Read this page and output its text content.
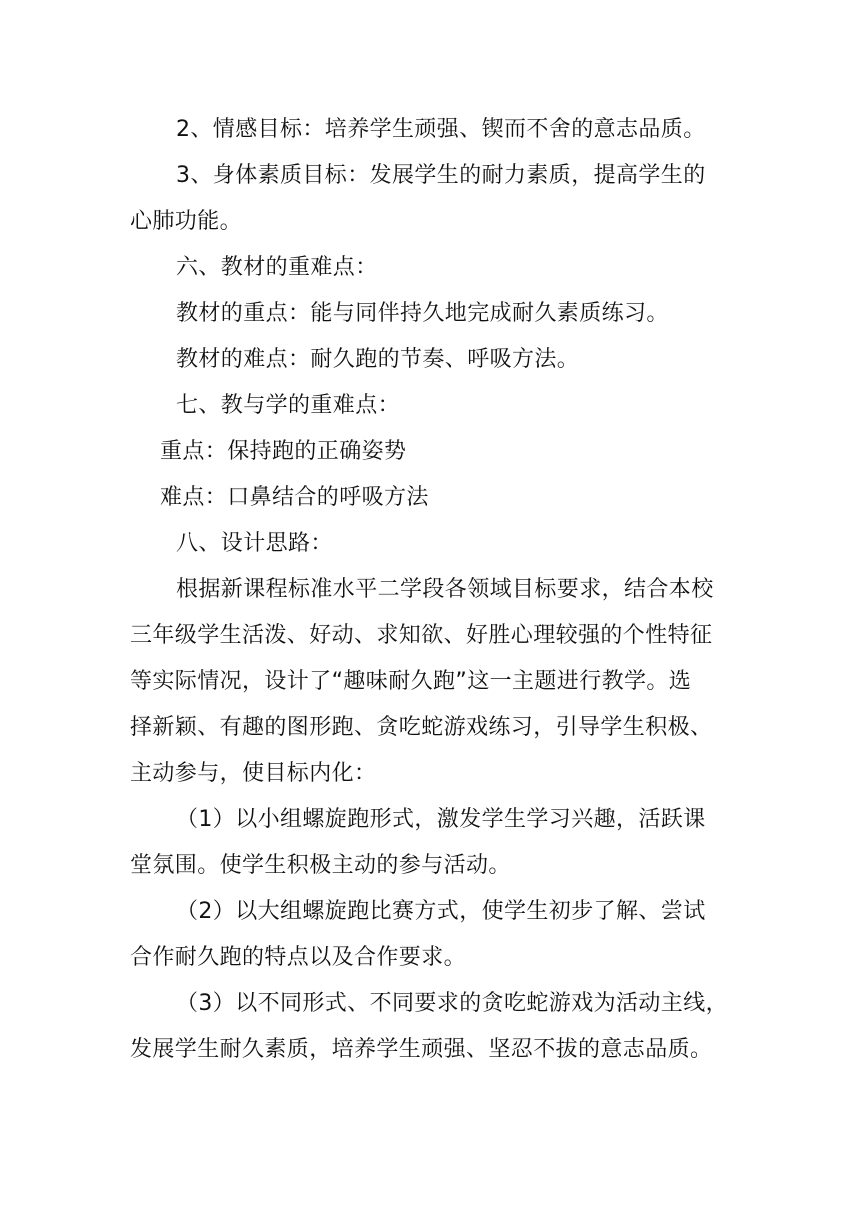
2、情感目标：培养学生顽强、锲而不舍的意志品质。
3、身体素质目标：发展学生的耐力素质，提高学生的
心肺功能。
六、教材的重难点：
教材的重点：能与同伴持久地完成耐久素质练习。
教材的难点：耐久跑的节奏、呼吸方法。
七、教与学的重难点：
重点：保持跑的正确姿势
难点：口鼻结合的呼吸方法
八、设计思路：
根据新课程标准水平二学段各领域目标要求，结合本校
三年级学生活泼、好动、求知欲、好胜心理较强的个性特征
等实际情况，设计了“趣味耐久跑”这一主题进行教学。选
择新颖、有趣的图形跑、贪吃蛇游戏练习，引导学生积极、
主动参与，使目标内化：
（1）以小组螺旋跑形式，激发学生学习兴趣，活跃课
堂氛围。使学生积极主动的参与活动。
（2）以大组螺旋跑比赛方式，使学生初步了解、尝试
合作耐久跑的特点以及合作要求。
（3）以不同形式、不同要求的贪吃蛇游戏为活动主线，
发展学生耐久素质，培养学生顽强、坚忍不拔的意志品质。
